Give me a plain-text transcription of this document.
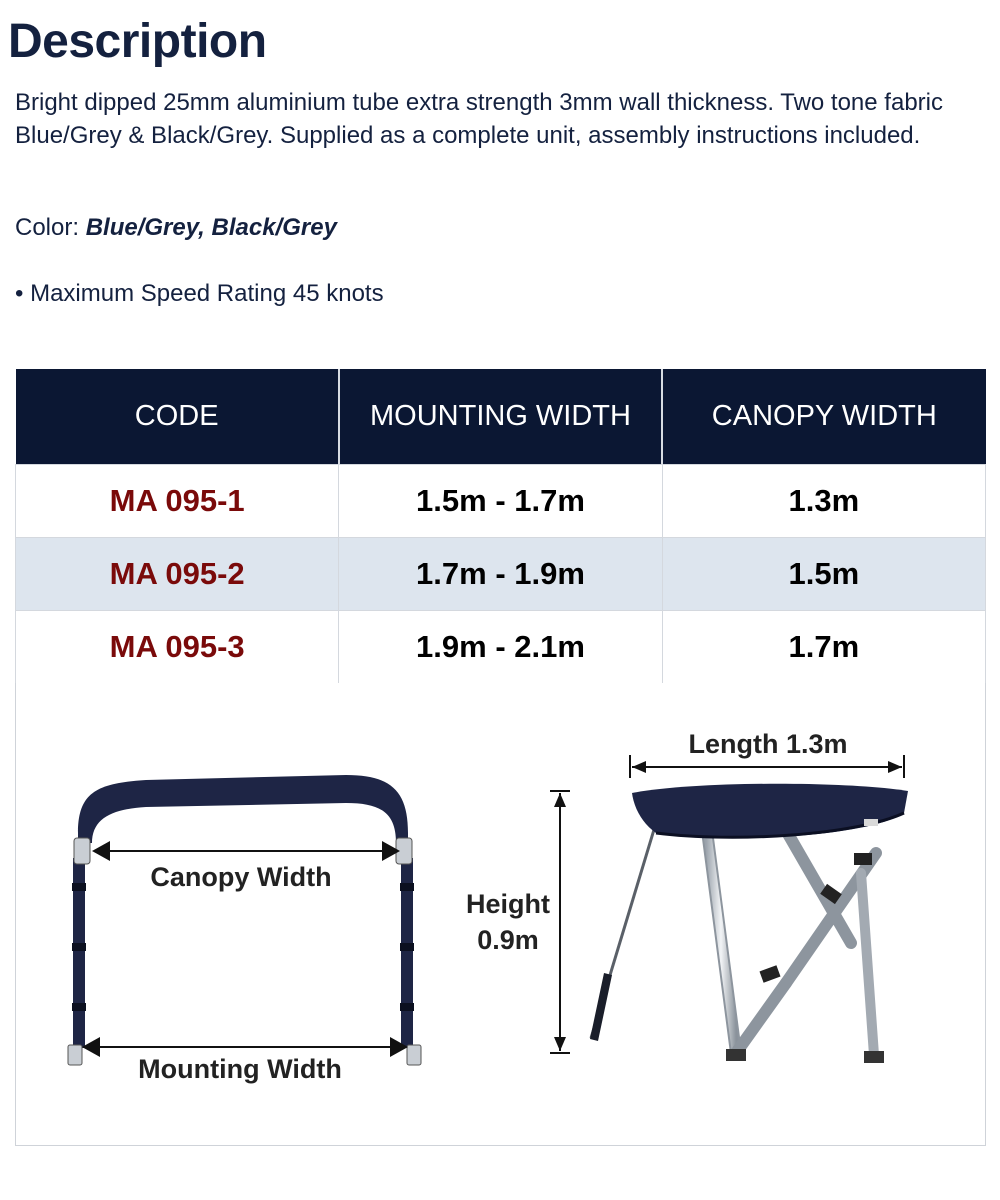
Description
Bright dipped 25mm aluminium tube extra strength 3mm wall thickness. Two tone fabric Blue/Grey & Black/Grey. Supplied as a complete unit, assembly instructions included.
Color: Blue/Grey, Black/Grey
• Maximum Speed Rating 45 knots
CODE	MOUNTING WIDTH	CANOPY WIDTH
MA 095-1	1.5m - 1.7m	1.3m
MA 095-2	1.7m - 1.9m	1.5m
MA 095-3	1.9m - 2.1m	1.7m
Canopy Width
Mounting Width
Length 1.3m
Height
0.9m
